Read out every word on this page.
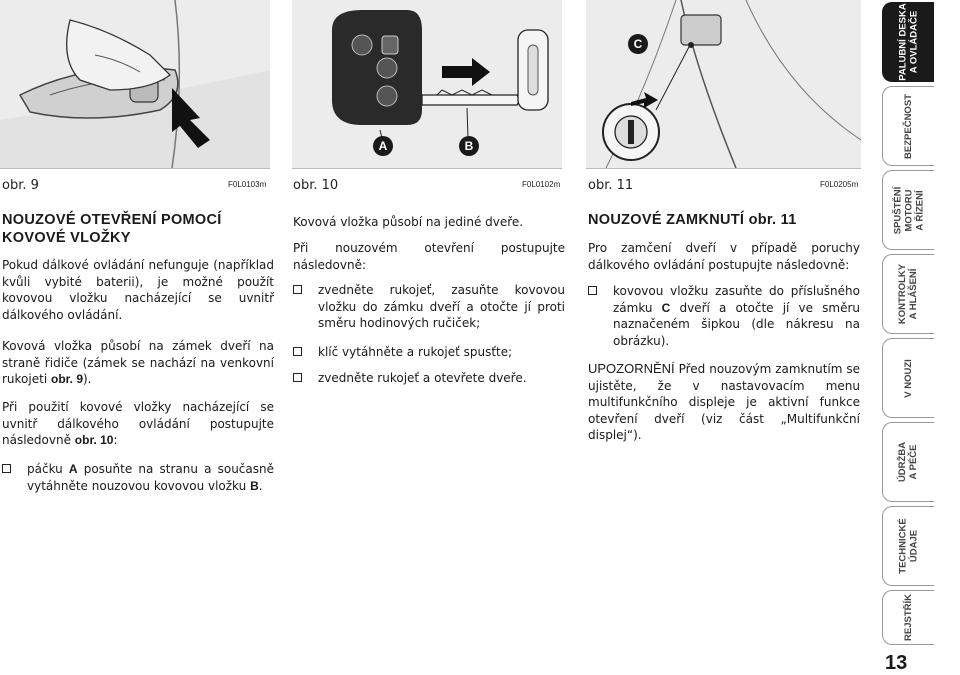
obr. 9	F0L0103m
NOUZOVÉ OTEVŘENÍ POMOCÍ
KOVOVÉ VLOŽKY

Pokud dálkové ovládání nefunguje (například kvůli vybité baterii), je možné použít kovovou vložku nacházející se uvnitř dálkového ovládání.

Kovová vložka působí na zámek dveří na straně řidiče (zámek se nachází na venkovní rukojeti obr. 9).

Při použití kovové vložky nacházející se uvnitř dálkového ovládání postupujte následovně obr. 10:

páčku A posuňte na stranu a současně vytáhněte nouzovou kovovou vložku B.
A	B
obr. 10	F0L0102m

Kovová vložka působí na jediné dveře.

Při nouzovém otevření postupujte následovně:

zvedněte rukojeť, zasuňte kovovou vložku do zámku dveří a otočte jí proti směru hodinových ručiček;
klíč vytáhněte a rukojeť spusťte;
zvedněte rukojeť a otevřete dveře.
C
obr. 11	F0L0205m
NOUZOVÉ ZAMKNUTÍ obr. 11

Pro zamčení dveří v případě poruchy dálkového ovládání postupujte následovně:

kovovou vložku zasuňte do příslušného zámku C dveří a otočte jí ve směru naznačeném šipkou (dle nákresu na obrázku).

UPOZORNĚNÍ Před nouzovým zamknutím se ujistěte, že v nastavovacím menu multifunkčního displeje je aktivní funkce otevření dveří (viz část „Multifunkční displej“).

PALUBNÍ DESKA A OVLÁDAČE
BEZPEČNOST
SPUŠTĚNÍ MOTORU A ŘÍZENÍ
KONTROLKY A HLÁŠENÍ
V NOUZI
ÚDRŽBA A PÉČE
TECHNICKÉ ÚDAJE
REJSTŘÍK
13
